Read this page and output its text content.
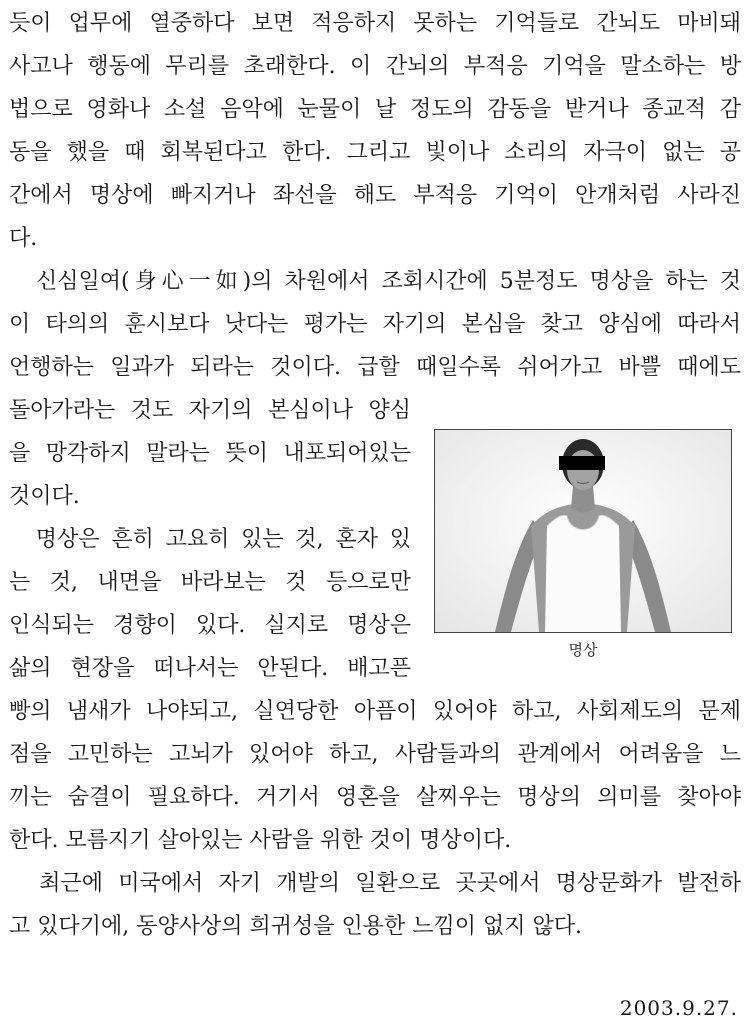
듯이 업무에 열중하다 보면 적응하지 못하는 기억들로 간뇌도 마비돼
사고나 행동에 무리를 초래한다. 이 간뇌의 부적응 기억을 말소하는 방
법으로 영화나 소설 음악에 눈물이 날 정도의 감동을 받거나 종교적 감
동을 했을 때 회복된다고 한다. 그리고 빛이나 소리의 자극이 없는 공
간에서 명상에 빠지거나 좌선을 해도 부적응 기억이 안개처럼 사라진
다.
　신심일여(身心一如)의 차원에서 조회시간에 5분정도 명상을 하는 것
이 타의의 훈시보다 낫다는 평가는 자기의 본심을 찾고 양심에 따라서
언행하는 일과가 되라는 것이다. 급할 때일수록 쉬어가고 바쁠 때에도
돌아가라는 것도 자기의 본심이나 양심
을 망각하지 말라는 뜻이 내포되어있는
것이다.
　명상은 흔히 고요히 있는 것, 혼자 있
는 것, 내면을 바라보는 것 등으로만
인식되는 경향이 있다. 실지로 명상은
삶의 현장을 떠나서는 안된다. 배고픈
빵의 냄새가 나야되고, 실연당한 아픔이 있어야 하고, 사회제도의 문제
점을 고민하는 고뇌가 있어야 하고, 사람들과의 관계에서 어려움을 느
끼는 숨결이 필요하다. 거기서 영혼을 살찌우는 명상의 의미를 찾아야
한다. 모름지기 살아있는 사람을 위한 것이 명상이다.
　최근에 미국에서 자기 개발의 일환으로 곳곳에서 명상문화가 발전하
고 있다기에, 동양사상의 희귀성을 인용한 느낌이 없지 않다.
명상
2003.9.27.
